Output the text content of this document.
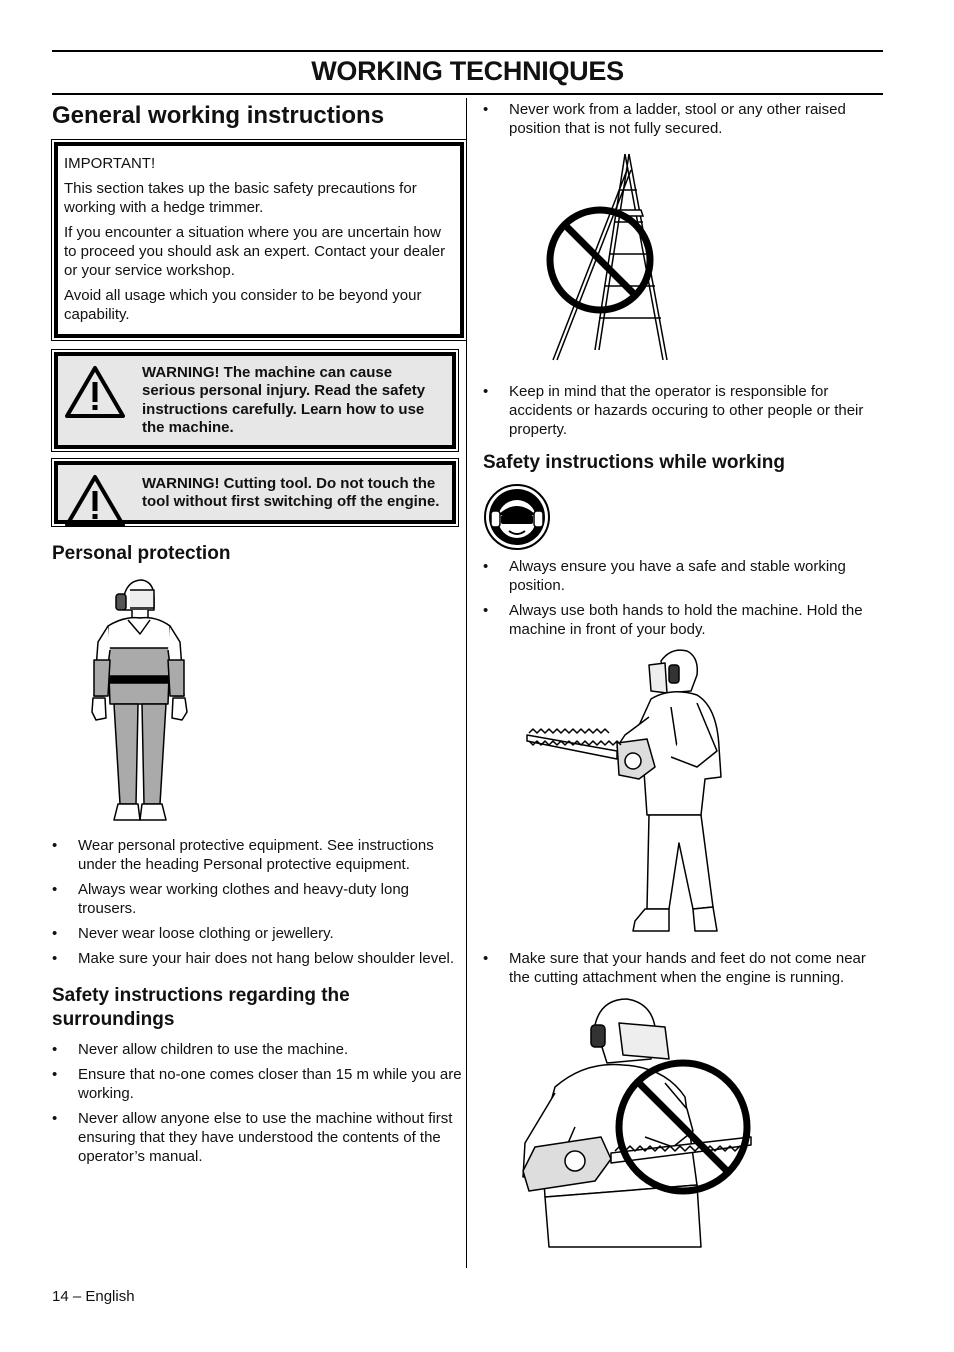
WORKING TECHNIQUES
General working instructions

IMPORTANT!

This section takes up the basic safety precautions for working with a hedge trimmer.

If you encounter a situation where you are uncertain how to proceed you should ask an expert. Contact your dealer or your service workshop.

Avoid all usage which you consider to be beyond your capability.

WARNING! The machine can cause serious personal injury. Read the safety instructions carefully. Learn how to use the machine.
WARNING! Cutting tool. Do not touch the tool without first switching off the engine.
Personal protection
• Wear personal protective equipment. See instructions under the heading Personal protective equipment.
• Always wear working clothes and heavy-duty long trousers.
• Never wear loose clothing or jewellery.
• Make sure your hair does not hang below shoulder level.
Safety instructions regarding the surroundings
• Never allow children to use the machine.
• Ensure that no-one comes closer than 15 m while you are working.
• Never allow anyone else to use the machine without first ensuring that they have understood the contents of the operator’s manual.
• Never work from a ladder, stool or any other raised position that is not fully secured.
• Keep in mind that the operator is responsible for accidents or hazards occuring to other people or their property.
Safety instructions while working
• Always ensure you have a safe and stable working position.
• Always use both hands to hold the machine. Hold the machine in front of your body.
• Make sure that your hands and feet do not come near the cutting attachment when the engine is running.
14 – English
